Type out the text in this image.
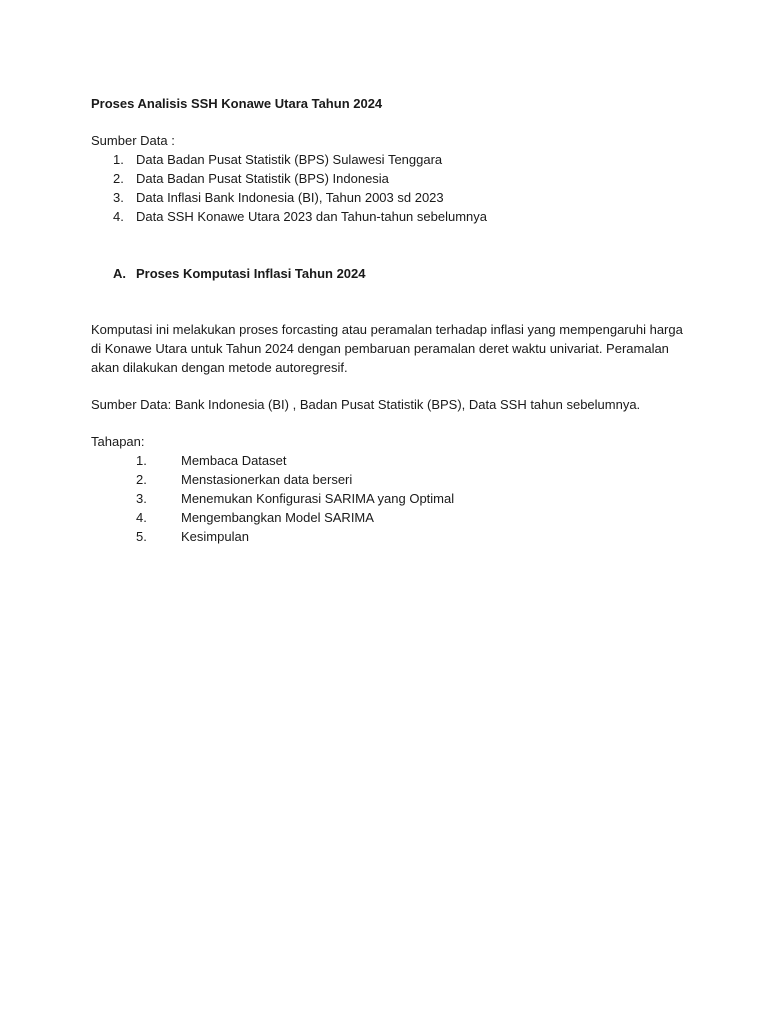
Proses Analisis SSH Konawe Utara Tahun 2024

Sumber Data :

1. Data Badan Pusat Statistik (BPS) Sulawesi Tenggara
2. Data Badan Pusat Statistik (BPS) Indonesia
3. Data Inflasi Bank Indonesia (BI), Tahun 2003 sd 2023
4. Data SSH Konawe Utara 2023 dan Tahun-tahun sebelumnya
A. Proses Komputasi Inflasi Tahun 2024

Komputasi ini melakukan proses forcasting atau peramalan terhadap inflasi yang mempengaruhi harga di Konawe Utara untuk Tahun 2024 dengan pembaruan peramalan deret waktu univariat. Peramalan akan dilakukan dengan metode autoregresif.

Sumber Data: Bank Indonesia (BI) , Badan Pusat Statistik (BPS), Data SSH tahun sebelumnya.

Tahapan:

1.	Membaca Dataset
2.	Menstasionerkan data berseri
3.	Menemukan Konfigurasi SARIMA yang Optimal
4.	Mengembangkan Model SARIMA
5.	Kesimpulan
